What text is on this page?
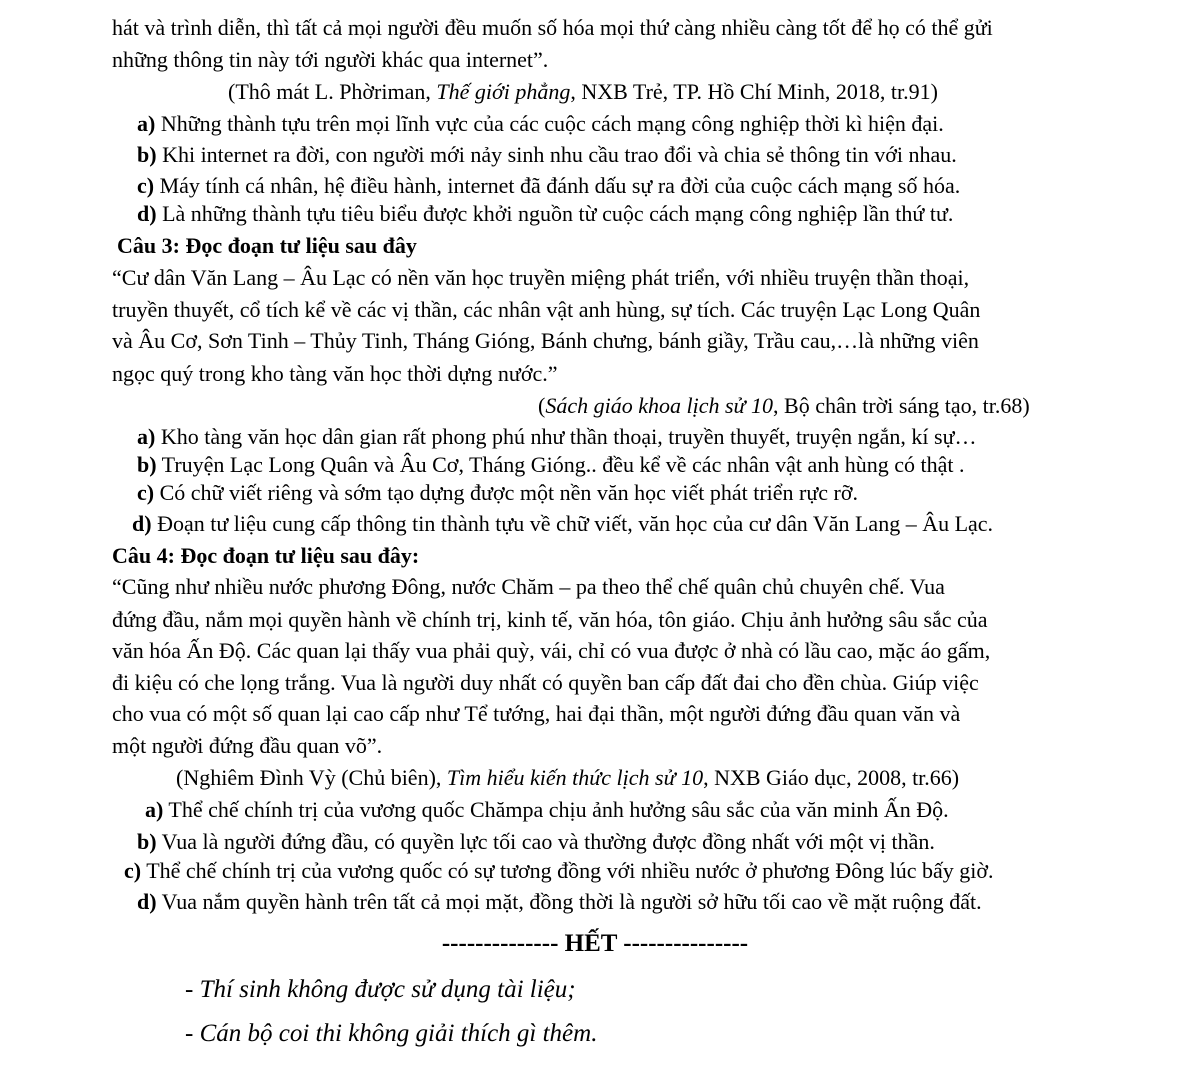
hát và trình diễn, thì tất cả mọi người đều muốn số hóa mọi thứ càng nhiều càng tốt để họ có thể gửi
những thông tin này tới người khác qua internet”.
(Thô mát L. Phờriman, Thế giới phẳng, NXB Trẻ, TP. Hồ Chí Minh, 2018, tr.91)
a) Những thành tựu trên mọi lĩnh vực của các cuộc cách mạng công nghiệp thời kì hiện đại.
b) Khi internet ra đời, con người mới nảy sinh nhu cầu trao đổi và chia sẻ thông tin với nhau.
c) Máy tính cá nhân, hệ điều hành, internet đã đánh dấu sự ra đời của cuộc cách mạng số hóa.
d) Là những thành tựu tiêu biểu được khởi nguồn từ cuộc cách mạng công nghiệp lần thứ tư.
Câu 3: Đọc đoạn tư liệu sau đây
“Cư dân Văn Lang – Âu Lạc có nền văn học truyền miệng phát triển, với nhiều truyện thần thoại,
truyền thuyết, cổ tích kể về các vị thần, các nhân vật anh hùng, sự tích. Các truyện Lạc Long Quân
và Âu Cơ, Sơn Tinh – Thủy Tinh, Tháng Gióng, Bánh chưng, bánh giầy, Trầu cau,…là những viên
ngọc quý trong kho tàng văn học thời dựng nước.”
(Sách giáo khoa lịch sử 10, Bộ chân trời sáng tạo, tr.68)
a) Kho tàng văn học dân gian rất phong phú như thần thoại, truyền thuyết, truyện ngắn, kí sự…
b) Truyện Lạc Long Quân và Âu Cơ, Tháng Gióng.. đều kể về các nhân vật anh hùng có thật .
c) Có chữ viết riêng và sớm tạo dựng được một nền văn học viết phát triển rực rỡ.
d) Đoạn tư liệu cung cấp thông tin thành tựu về chữ viết, văn học của cư dân Văn Lang – Âu Lạc.
Câu 4: Đọc đoạn tư liệu sau đây:
“Cũng như nhiều nước phương Đông, nước Chăm – pa theo thể chế quân chủ chuyên chế. Vua
đứng đầu, nắm mọi quyền hành về chính trị, kinh tế, văn hóa, tôn giáo. Chịu ảnh hưởng sâu sắc của
văn hóa Ấn Độ. Các quan lại thấy vua phải quỳ, vái, chỉ có vua được ở nhà có lầu cao, mặc áo gấm,
đi kiệu có che lọng trắng. Vua là người duy nhất có quyền ban cấp đất đai cho đền chùa. Giúp việc
cho vua có một số quan lại cao cấp như Tể tướng, hai đại thần, một người đứng đầu quan văn và
một người đứng đầu quan võ”.
(Nghiêm Đình Vỳ (Chủ biên), Tìm hiểu kiến thức lịch sử 10, NXB Giáo dục, 2008, tr.66)
a) Thể chế chính trị của vương quốc Chămpa chịu ảnh hưởng sâu sắc của văn minh Ấn Độ.
b) Vua là người đứng đầu, có quyền lực tối cao và thường được đồng nhất với một vị thần.
c) Thể chế chính trị của vương quốc có sự tương đồng với nhiều nước ở phương Đông lúc bấy giờ.
d) Vua nắm quyền hành trên tất cả mọi mặt, đồng thời là người sở hữu tối cao về mặt ruộng đất.
-------------- HẾT ---------------
- Thí sinh không được sử dụng tài liệu;
- Cán bộ coi thi không giải thích gì thêm.
